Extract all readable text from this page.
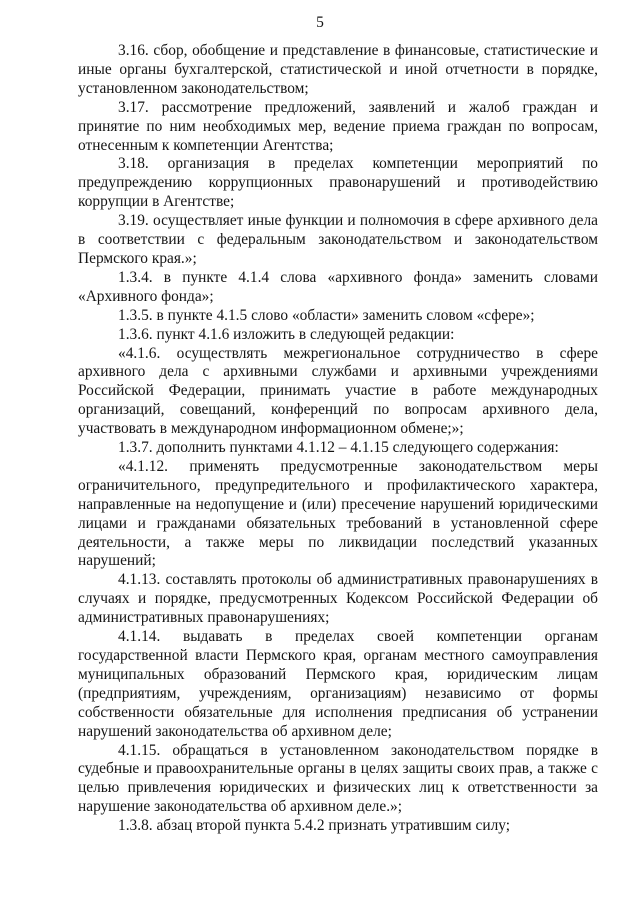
5

3.16. сбор, обобщение и представление в финансовые, статистические и иные органы бухгалтерской, статистической и иной отчетности в порядке, установленном законодательством;

3.17. рассмотрение предложений, заявлений и жалоб граждан и принятие по ним необходимых мер, ведение приема граждан по вопросам, отнесенным к компетенции Агентства;

3.18. организация в пределах компетенции мероприятий по предупреждению коррупционных правонарушений и противодействию коррупции в Агентстве;

3.19. осуществляет иные функции и полномочия в сфере архивного дела в соответствии с федеральным законодательством и законодательством Пермского края.»;

1.3.4. в пункте 4.1.4 слова «архивного фонда» заменить словами «Архивного фонда»;

1.3.5. в пункте 4.1.5 слово «области» заменить словом «сфере»;

1.3.6. пункт 4.1.6 изложить в следующей редакции:

«4.1.6. осуществлять межрегиональное сотрудничество в сфере архивного дела с архивными службами и архивными учреждениями Российской Федерации, принимать участие в работе международных организаций, совещаний, конференций по вопросам архивного дела, участвовать в международном информационном обмене;»;

1.3.7. дополнить пунктами 4.1.12 – 4.1.15 следующего содержания:

«4.1.12. применять предусмотренные законодательством меры ограничительного, предупредительного и профилактического характера, направленные на недопущение и (или) пресечение нарушений юридическими лицами и гражданами обязательных требований в установленной сфере деятельности, а также меры по ликвидации последствий указанных нарушений;

4.1.13. составлять протоколы об административных правонарушениях в случаях и порядке, предусмотренных Кодексом Российской Федерации об административных правонарушениях;

4.1.14. выдавать в пределах своей компетенции органам государственной власти Пермского края, органам местного самоуправления муниципальных образований Пермского края, юридическим лицам (предприятиям, учреждениям, организациям) независимо от формы собственности обязательные для исполнения предписания об устранении нарушений законодательства об архивном деле;

4.1.15. обращаться в установленном законодательством порядке в судебные и правоохранительные органы в целях защиты своих прав, а также с целью привлечения юридических и физических лиц к ответственности за нарушение законодательства об архивном деле.»;

1.3.8. абзац второй пункта 5.4.2 признать утратившим силу;
